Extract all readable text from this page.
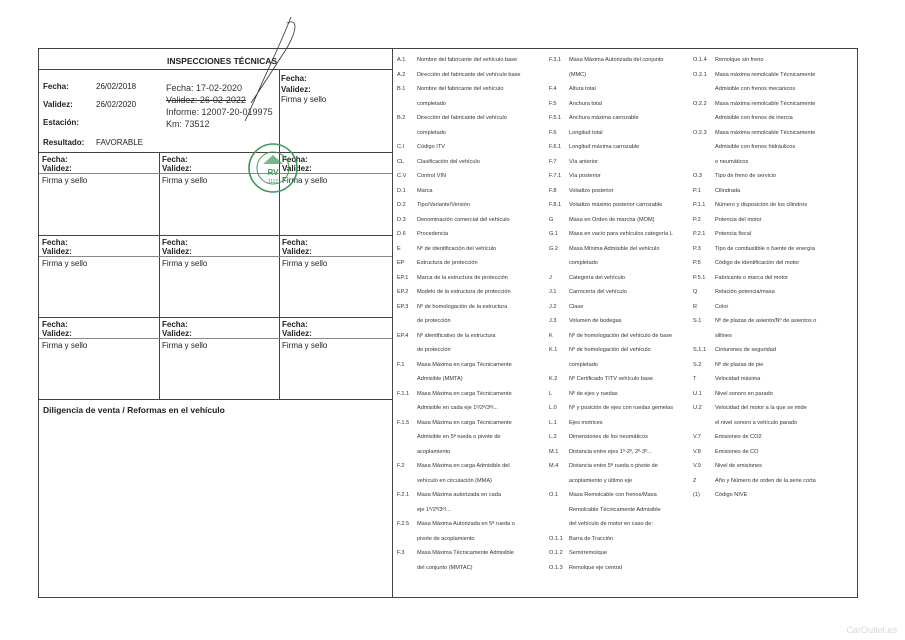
INSPECCIONES TÉCNICAS
Fecha:	26/02/2018
Validez:	26/02/2020
Estación:
Resultado: FAVORABLE
Fecha: 17-02-2020
Validez: 26-02-2022
Informe: 12007-20-019975
Km: 73512
Fecha:
Validez:
Firma y sello
Fecha:
Validez:
Firma y sello
Fecha:
Validez:
Firma y sello
Fecha:
Validez:
Firma y sello
Fecha:
Validez:
Firma y sello
Fecha:
Validez:
Firma y sello
Fecha:
Validez:
Firma y sello
Fecha:
Validez:
Firma y sello
Fecha:
Validez:
Firma y sello
Fecha:
Validez:
Firma y sello
Diligencia de venta / Reformas en el vehículo
RV
1112
A.1 Nombre del fabricante del vehículo base
A.2 Dirección del fabricante del vehículo base
B.1 Nombre del fabricante del vehículo
completado
B.2 Dirección del fabricante del vehículo
completado
C.I Código ITV
CL Clasificación del vehículo
C.V Control VIN
D.1 Marca
D.2 Tipo/Variante/Versión
D.3 Denominación comercial del vehículo
D.6 Procedencia
E	Nº de identificación del vehículo
EP Estructura de protección
EP.1 Marca de la estructura de protección
EP.2 Modelo de la estructura de protección
EP.3 Nº de homologación de la estructura
de protección
EP.4 Nº identificativo de la estructura
de protección
F.1 Masa Máxima en carga Técnicamente
Admisible (MMTA)
F.1.1 Masa Máxima en carga Técnicamente
Admisible en cada eje 1º/2º/3º/...
F.1.5 Masa Máxima en carga Técnicamente
Admisible en 5ª rueda o pivote de
acoplamiento
F.2 Masa Máxima en carga Admisible del
vehículo en circulación (MMA)
F.2.1 Masa Máxima autorizada en cada
eje 1º/2º/3º/...
F.2.5 Masa Máxima Autorizada en 5ª rueda o
pivote de acoplamiento
F.3 Masa Máxima Técnicamente Admisible
del conjunto (MMTAC)
F.3.1 Masa Máxima Autorizada del conjunto
(MMC)
F.4 Altura total
F.5 Anchura total
F.5.1 Anchura máxima carrozable
F.6 Longitud total
F.6.1 Longitud máxima carrozable
F.7 Vía anterior
F.7.1 Vía posterior
F.8 Voladizo posterior
F.8.1 Voladizo máximo posterior carrozable
G	Masa en Orden de marcha (MOM)
G.1 Masa en vacío para vehículos categoría L
G.2 Masa Mínima Admisible del vehículo
completado
J	Categoría del vehículo
J.1 Carrocería del vehículo
J.2 Clase
J.3 Volumen de bodegas
K	Nº de homologación del vehículo de base
K.1 Nº de homologación del vehículo
completado
K.2 Nº Certificado TITV vehículo base
L	Nº de ejes y ruedas
L.0 Nº y posición de ejes con ruedas gemelas
L.1 Ejes motrices
L.2 Dimensiones de los neumáticos
M.1 Distancia entre ejes 1º-2º, 2º-3º...
M.4 Distancia entre 5ª rueda o pivote de
acoplamiento y último eje
O.1 Masa Remolcable con frenos/Masa
Remolcable Técnicamente Admisible
del vehículo de motor en caso de:
O.1.1 Barra de Tracción
O.1.2 Semirremolque
O.1.3 Remolque eje central
O.1.4 Remolque sin freno
O.2.1 Masa máxima remolcable Técnicamente
Admisible con frenos mecánicos
O.2.2 Masa máxima remolcable Técnicamente
Admisible con frenos de inercia
O.2.3 Masa máxima remolcable Técnicamente
Admisible con frenos hidráulicos
o neumáticos
O.3 Tipo de freno de servicio
P.1	Cilindrada
P.1.1 Número y disposición de los cilindros
P.2	Potencia del motor
P.2.1 Potencia fiscal
P.3	Tipo de combustible o fuente de energía
P.5	Código de identificación del motor
P.5.1 Fabricante o marca del motor
Q	Relación potencia/masa
R	Color
S.1 Nº de plazas de asiento/Nº de asientos o
sillines
S.1.1 Cinturones de seguridad
S.2 Nº de plazas de pie
T	Velocidad máxima
U.1 Nivel sonoro en parado
U.2 Velocidad del motor a la que se mide
el nivel sonoro a vehículo parado
V.7	Emisiones de CO2
V.8	Emisiones de CO
V.9	Nivel de emisiones
Z	Año y Número de orden de la serie corta
(1)	Código NIVE
CarOutlet.es
